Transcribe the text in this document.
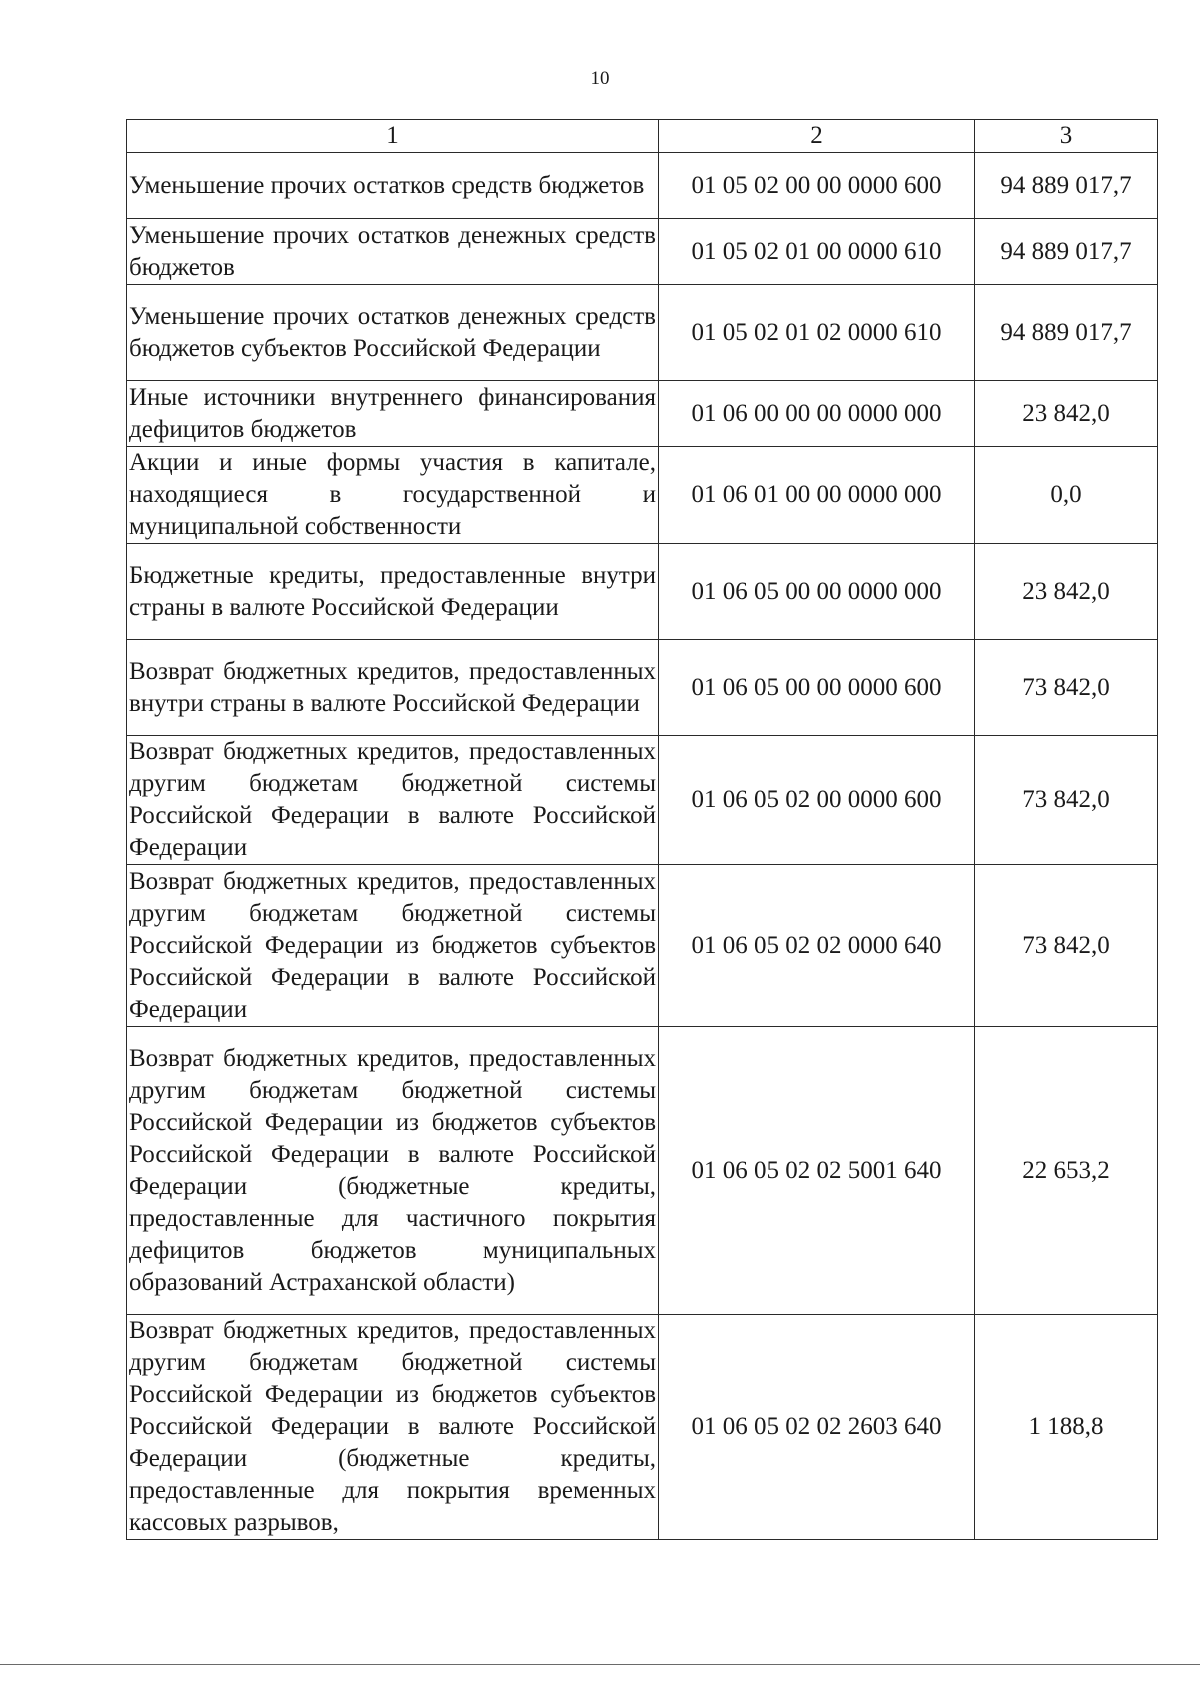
10
1	2	3
Уменьшение прочих остатков средств бюджетов	01 05 02 00 00 0000 600	94 889 017,7
Уменьшение прочих остатков денежных средств бюджетов	01 05 02 01 00 0000 610	94 889 017,7
Уменьшение прочих остатков денежных средств бюджетов субъектов Российской Федерации	01 05 02 01 02 0000 610	94 889 017,7
Иные источники внутреннего финансирования дефицитов бюджетов	01 06 00 00 00 0000 000	23 842,0
Акции и иные формы участия в капитале, находящиеся в государственной и муниципальной собственности	01 06 01 00 00 0000 000	0,0
Бюджетные кредиты, предоставленные внутри страны в валюте Российской Федерации	01 06 05 00 00 0000 000	23 842,0
Возврат бюджетных кредитов, предоставленных внутри страны в валюте Российской Федерации	01 06 05 00 00 0000 600	73 842,0
Возврат бюджетных кредитов, предоставленных другим бюджетам бюджетной системы Российской Федерации в валюте Российской Федерации	01 06 05 02 00 0000 600	73 842,0
Возврат бюджетных кредитов, предоставленных другим бюджетам бюджетной системы Российской Федерации из бюджетов субъектов Российской Федерации в валюте Российской Федерации	01 06 05 02 02 0000 640	73 842,0
Возврат бюджетных кредитов, предоставленных другим бюджетам бюджетной системы Российской Федерации из бюджетов субъектов Российской Федерации в валюте Российской Федерации (бюджетные кредиты, предоставленные для частичного покрытия дефицитов бюджетов муниципальных образований Астраханской области)	01 06 05 02 02 5001 640	22 653,2
Возврат бюджетных кредитов, предоставленных другим бюджетам бюджетной системы Российской Федерации из бюджетов субъектов Российской Федерации в валюте Российской Федерации (бюджетные кредиты, предоставленные для покрытия временных кассовых разрывов,	01 06 05 02 02 2603 640	1 188,8
